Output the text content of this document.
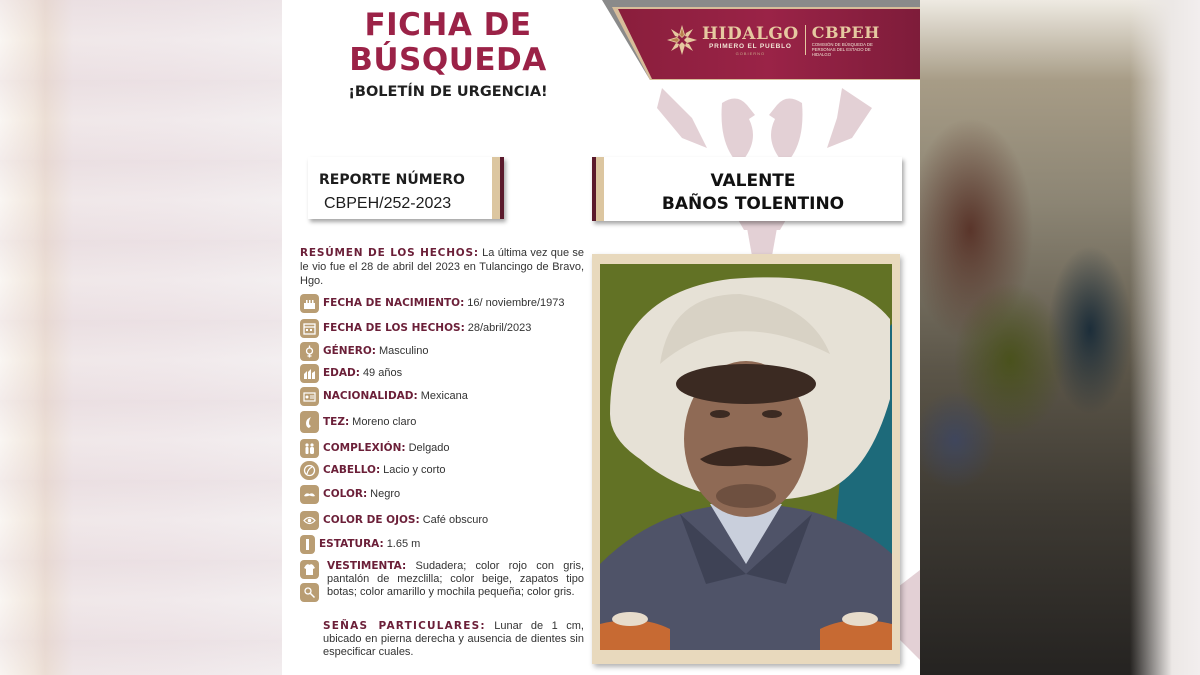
FICHA DE
BÚSQUEDA
¡BOLETÍN DE URGENCIA!
HIDALGO
PRIMERO EL PUEBLO
GOBIERNO
CBPEH
COMISIÓN DE BÚSQUEDA DE PERSONAS DEL ESTADO DE HIDALGO
REPORTE NÚMERO
CBPEH/252-2023
VALENTE
BAÑOS TOLENTINO
RESÚMEN DE LOS HECHOS: La última vez que se le vio fue el 28 de abril del 2023 en Tulancingo de Bravo, Hgo.
FECHA DE NACIMIENTO: 16/ noviembre/1973
FECHA DE LOS HECHOS: 28/abril/2023
GÉNERO: Masculino
EDAD: 49 años
NACIONALIDAD: Mexicana
TEZ: Moreno claro
COMPLEXIÓN: Delgado
CABELLO: Lacio y corto
COLOR: Negro
COLOR DE OJOS: Café obscuro
ESTATURA: 1.65 m
VESTIMENTA: Sudadera; color rojo con gris, pantalón de mezclilla; color beige, zapatos tipo botas; color amarillo y mochila pequeña; color gris.
SEÑAS PARTICULARES: Lunar de 1 cm, ubicado en pierna derecha y ausencia de dientes sin especificar cuales.
